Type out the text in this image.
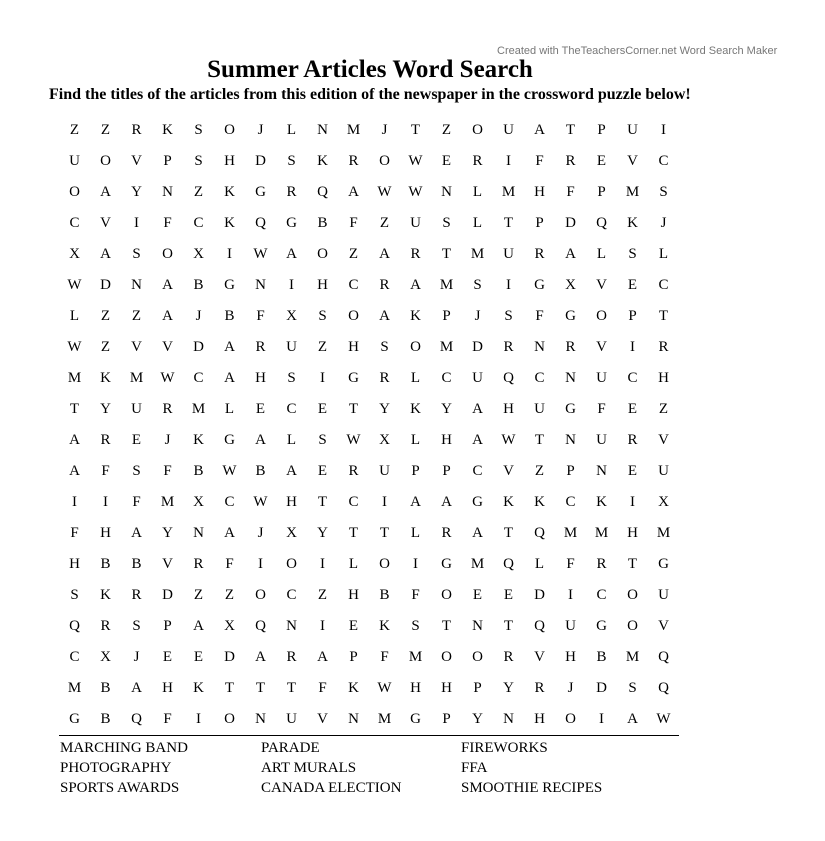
Created with TheTeachersCorner.net Word Search Maker
Summer Articles Word Search
Find the titles of the articles from this edition of the newspaper in the crossword puzzle below!
Z	Z	R	K	S	O	J	L	N	M	J	T	Z	O	U	A	T	P	U	I
U	O	V	P	S	H	D	S	K	R	O	W	E	R	I	F	R	E	V	C
O	A	Y	N	Z	K	G	R	Q	A	W	W	N	L	M	H	F	P	M	S
C	V	I	F	C	K	Q	G	B	F	Z	U	S	L	T	P	D	Q	K	J
X	A	S	O	X	I	W	A	O	Z	A	R	T	M	U	R	A	L	S	L
W	D	N	A	B	G	N	I	H	C	R	A	M	S	I	G	X	V	E	C
L	Z	Z	A	J	B	F	X	S	O	A	K	P	J	S	F	G	O	P	T
W	Z	V	V	D	A	R	U	Z	H	S	O	M	D	R	N	R	V	I	R
M	K	M	W	C	A	H	S	I	G	R	L	C	U	Q	C	N	U	C	H
T	Y	U	R	M	L	E	C	E	T	Y	K	Y	A	H	U	G	F	E	Z
A	R	E	J	K	G	A	L	S	W	X	L	H	A	W	T	N	U	R	V
A	F	S	F	B	W	B	A	E	R	U	P	P	C	V	Z	P	N	E	U
I	I	F	M	X	C	W	H	T	C	I	A	A	G	K	K	C	K	I	X
F	H	A	Y	N	A	J	X	Y	T	T	L	R	A	T	Q	M	M	H	M
H	B	B	V	R	F	I	O	I	L	O	I	G	M	Q	L	F	R	T	G
S	K	R	D	Z	Z	O	C	Z	H	B	F	O	E	E	D	I	C	O	U
Q	R	S	P	A	X	Q	N	I	E	K	S	T	N	T	Q	U	G	O	V
C	X	J	E	E	D	A	R	A	P	F	M	O	O	R	V	H	B	M	Q
M	B	A	H	K	T	T	T	F	K	W	H	H	P	Y	R	J	D	S	Q
G	B	Q	F	I	O	N	U	V	N	M	G	P	Y	N	H	O	I	A	W
MARCHING BAND	PARADE	FIREWORKS
PHOTOGRAPHY	ART MURALS	FFA
SPORTS AWARDS	CANADA ELECTION	SMOOTHIE RECIPES
